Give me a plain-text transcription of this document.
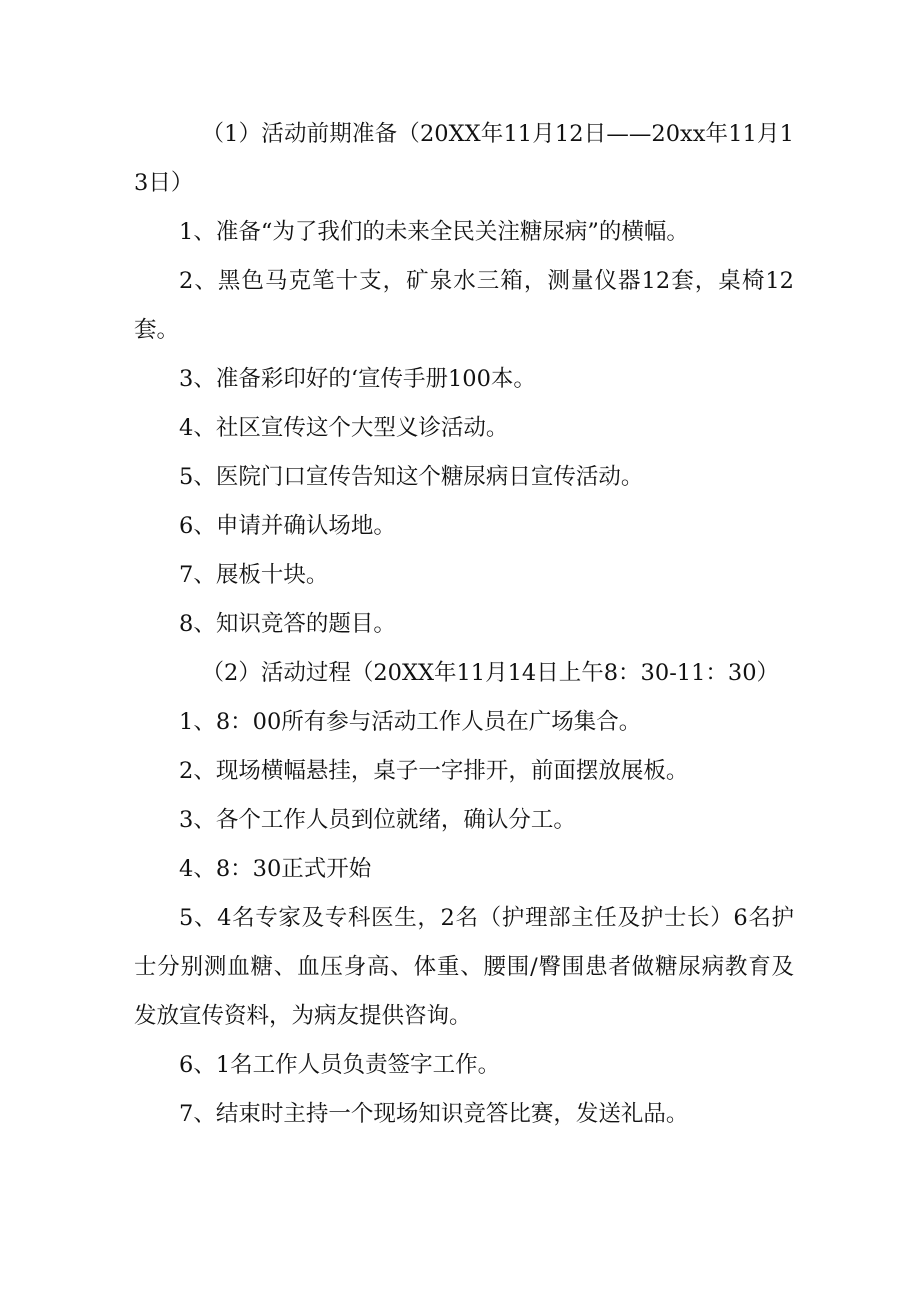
（1）活动前期准备（20XX年11月12日——20xx年11月13日）

1、准备“为了我们的未来全民关注糖尿病”的横幅。

2、黑色马克笔十支，矿泉水三箱，测量仪器12套，桌椅12套。

3、准备彩印好的‘宣传手册100本。

4、社区宣传这个大型义诊活动。

5、医院门口宣传告知这个糖尿病日宣传活动。

6、申请并确认场地。

7、展板十块。

8、知识竞答的题目。

（2）活动过程（20XX年11月14日上午8：30-11：30）

1、8：00所有参与活动工作人员在广场集合。

2、现场横幅悬挂，桌子一字排开，前面摆放展板。

3、各个工作人员到位就绪，确认分工。

4、8：30正式开始

5、4名专家及专科医生，2名（护理部主任及护士长）6名护士分别测血糖、血压身高、体重、腰围/臀围患者做糖尿病教育及发放宣传资料，为病友提供咨询。

6、1名工作人员负责签字工作。

7、结束时主持一个现场知识竞答比赛，发送礼品。
